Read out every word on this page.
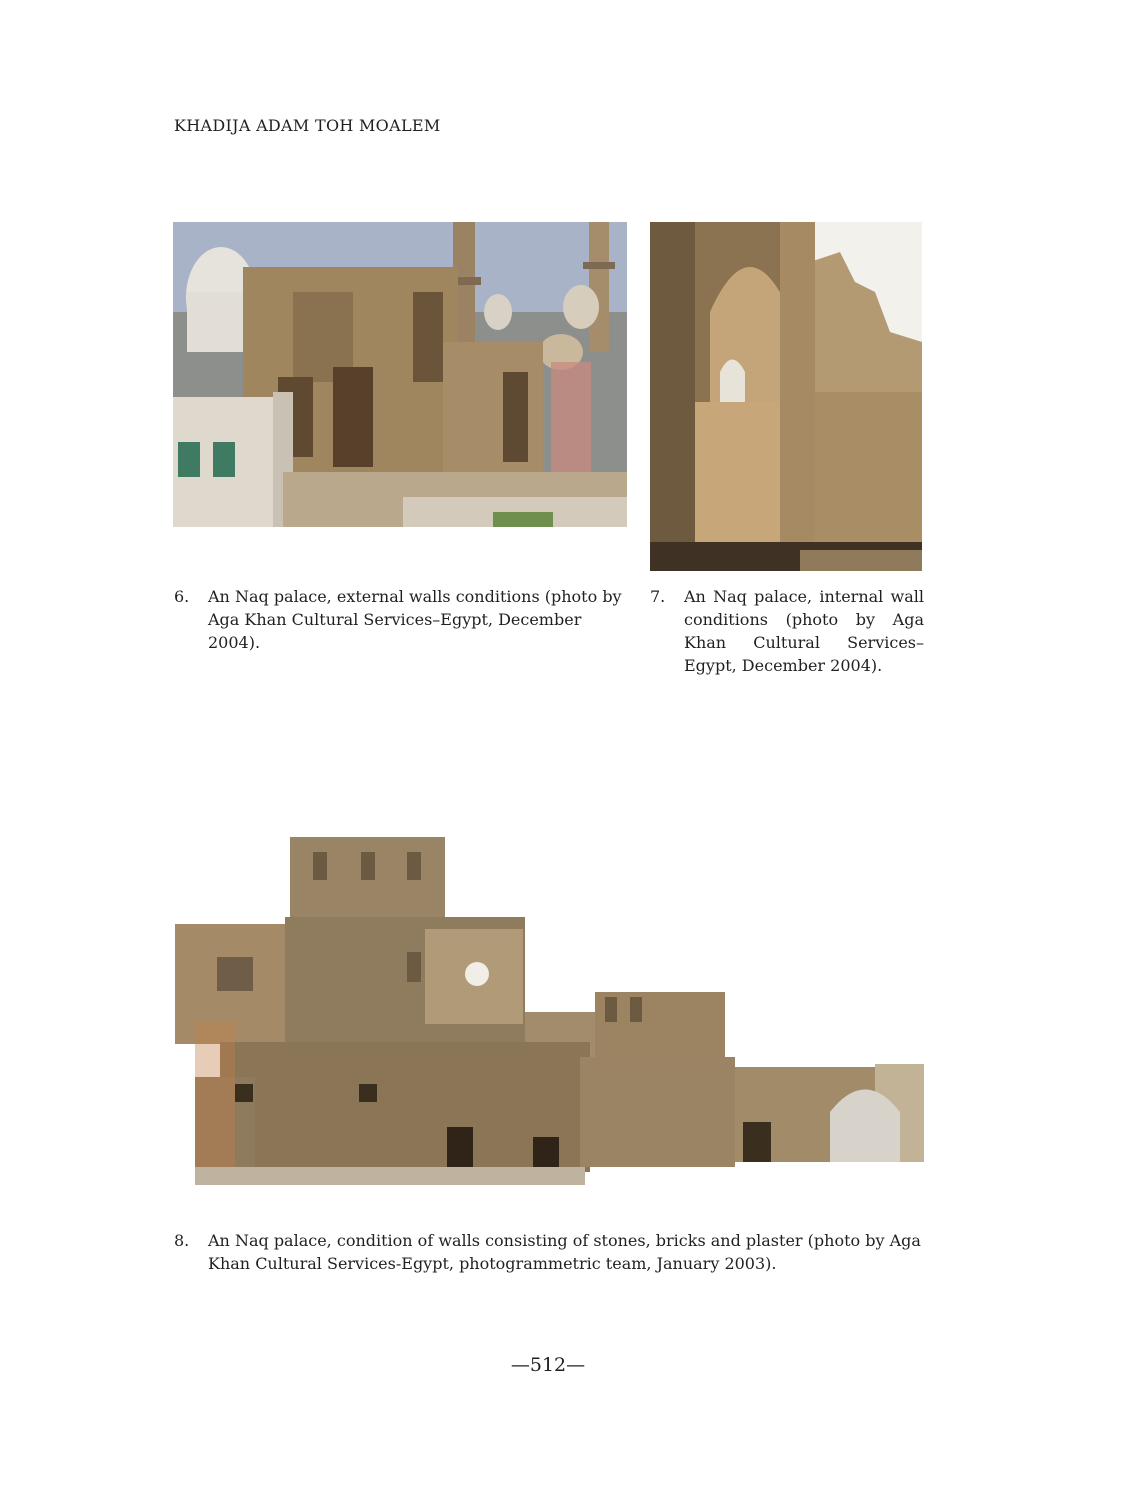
KHADIJA ADAM TOH MOALEM
6. An Naq palace, external walls conditions (photo by Aga Khan Cultural Services–Egypt, December 2004).
7. An Naq palace, internal wall conditions (photo by Aga Khan Cultural Services–Egypt, December 2004).
8. An Naq palace, condition of walls consisting of stones, bricks and plaster (photo by Aga Khan Cultural Services-Egypt, photogrammetric team, January 2003).
—512—
